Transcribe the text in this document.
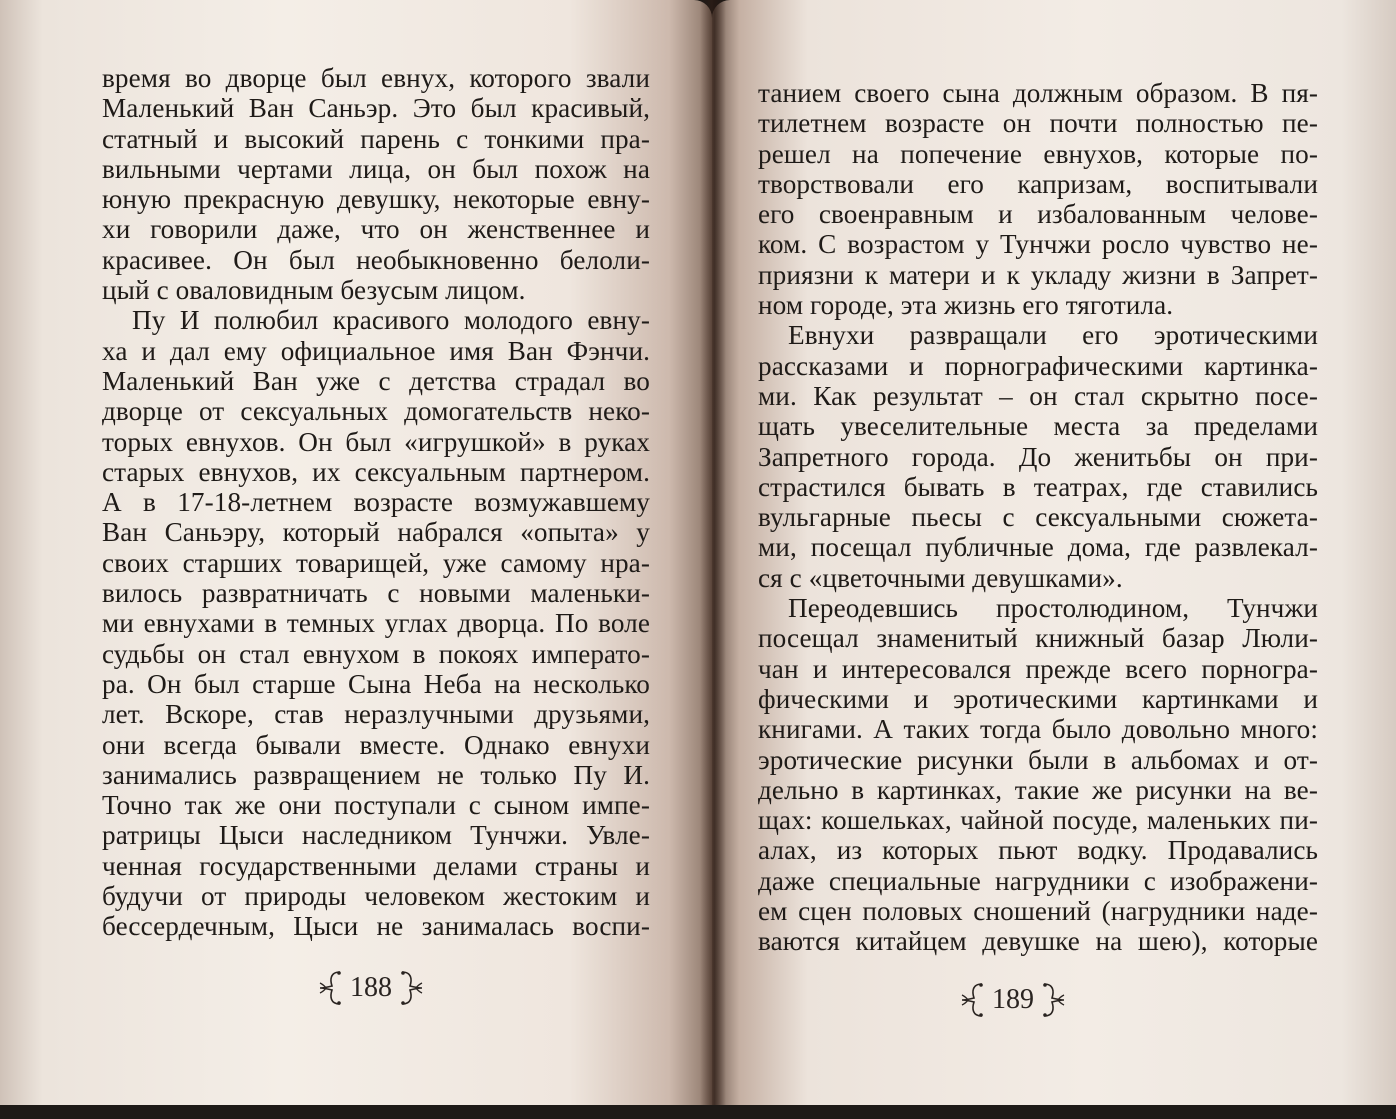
время во дворце был евнух, которого звали
Маленький Ван Саньэр. Это был красивый,
статный и высокий парень с тонкими пра-
вильными чертами лица, он был похож на
юную прекрасную девушку, некоторые евну-
хи говорили даже, что он женственнее и
красивее. Он был необыкновенно белоли-
цый с оваловидным безусым лицом.
Пу И полюбил красивого молодого евну-
ха и дал ему официальное имя Ван Фэнчи.
Маленький Ван уже с детства страдал во
дворце от сексуальных домогательств неко-
торых евнухов. Он был «игрушкой» в руках
старых евнухов, их сексуальным партнером.
А в 17-18-летнем возрасте возмужавшему
Ван Саньэру, который набрался «опыта» у
своих старших товарищей, уже самому нра-
вилось развратничать с новыми маленьки-
ми евнухами в темных углах дворца. По воле
судьбы он стал евнухом в покоях императо-
ра. Он был старше Сына Неба на несколько
лет. Вскоре, став неразлучными друзьями,
они всегда бывали вместе. Однако евнухи
занимались развращением не только Пу И.
Точно так же они поступали с сыном импе-
ратрицы Цыси наследником Тунчжи. Увле-
ченная государственными делами страны и
будучи от природы человеком жестоким и
бессердечным, Цыси не занималась воспи-
188
танием своего сына должным образом. В пя-
тилетнем возрасте он почти полностью пе-
решел на попечение евнухов, которые по-
творствовали его капризам, воспитывали
его своенравным и избалованным челове-
ком. С возрастом у Тунчжи росло чувство не-
приязни к матери и к укладу жизни в Запрет-
ном городе, эта жизнь его тяготила.
Евнухи развращали его эротическими
рассказами и порнографическими картинка-
ми. Как результат – он стал скрытно посе-
щать увеселительные места за пределами
Запретного города. До женитьбы он при-
страстился бывать в театрах, где ставились
вульгарные пьесы с сексуальными сюжета-
ми, посещал публичные дома, где развлекал-
ся с «цветочными девушками».
Переодевшись простолюдином, Тунчжи
посещал знаменитый книжный базар Люли-
чан и интересовался прежде всего порногра-
фическими и эротическими картинками и
книгами. А таких тогда было довольно много:
эротические рисунки были в альбомах и от-
дельно в картинках, такие же рисунки на ве-
щах: кошельках, чайной посуде, маленьких пи-
алах, из которых пьют водку. Продавались
даже специальные нагрудники с изображени-
ем сцен половых сношений (нагрудники наде-
ваются китайцем девушке на шею), которые
189
